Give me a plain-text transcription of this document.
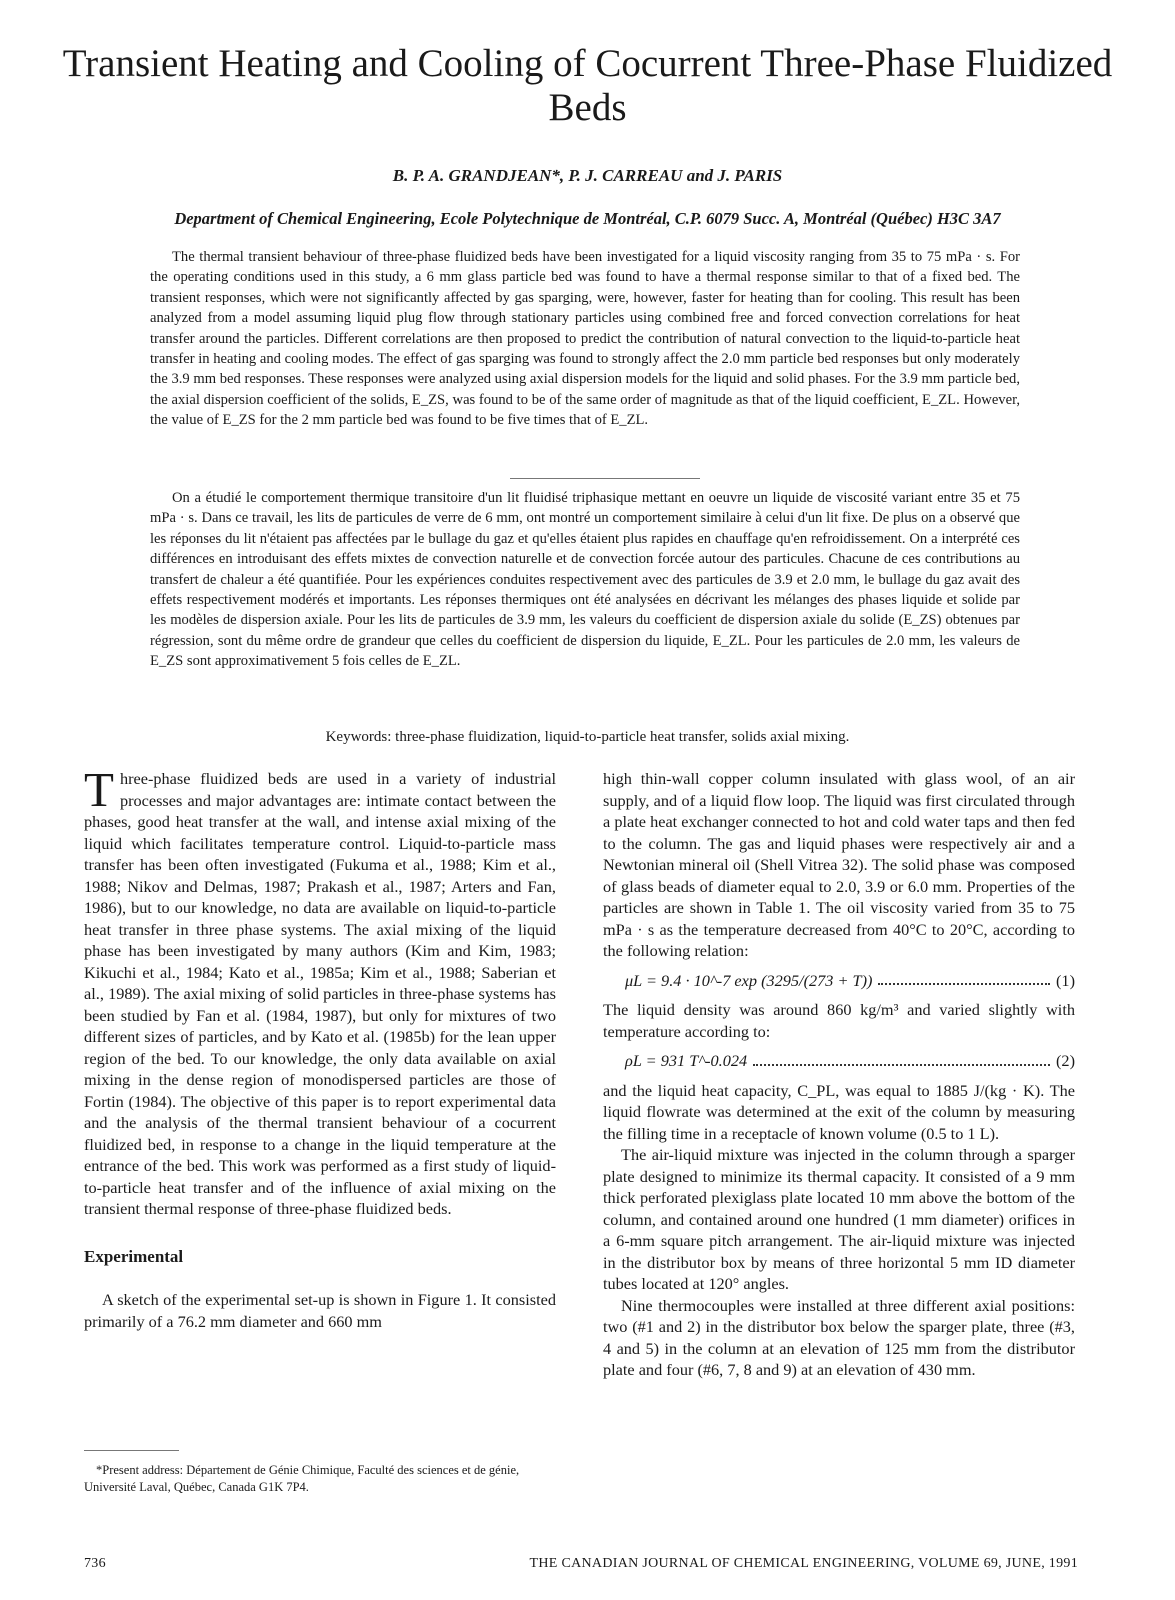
Transient Heating and Cooling of Cocurrent Three-Phase Fluidized Beds
B. P. A. GRANDJEAN*, P. J. CARREAU and J. PARIS
Department of Chemical Engineering, Ecole Polytechnique de Montréal, C.P. 6079 Succ. A, Montréal (Québec) H3C 3A7

The thermal transient behaviour of three-phase fluidized beds have been investigated for a liquid viscosity ranging from 35 to 75 mPa · s. For the operating conditions used in this study, a 6 mm glass particle bed was found to have a thermal response similar to that of a fixed bed. The transient responses, which were not significantly affected by gas sparging, were, however, faster for heating than for cooling. This result has been analyzed from a model assuming liquid plug flow through stationary particles using combined free and forced convection correlations for heat transfer around the particles. Different correlations are then proposed to predict the contribution of natural convection to the liquid-to-particle heat transfer in heating and cooling modes. The effect of gas sparging was found to strongly affect the 2.0 mm particle bed responses but only moderately the 3.9 mm bed responses. These responses were analyzed using axial dispersion models for the liquid and solid phases. For the 3.9 mm particle bed, the axial dispersion coefficient of the solids, E_ZS, was found to be of the same order of magnitude as that of the liquid coefficient, E_ZL. However, the value of E_ZS for the 2 mm particle bed was found to be five times that of E_ZL.

On a étudié le comportement thermique transitoire d'un lit fluidisé triphasique mettant en oeuvre un liquide de viscosité variant entre 35 et 75 mPa · s. Dans ce travail, les lits de particules de verre de 6 mm, ont montré un comportement similaire à celui d'un lit fixe. De plus on a observé que les réponses du lit n'étaient pas affectées par le bullage du gaz et qu'elles étaient plus rapides en chauffage qu'en refroidissement. On a interprété ces différences en introduisant des effets mixtes de convection naturelle et de convection forcée autour des particules. Chacune de ces contributions au transfert de chaleur a été quantifiée. Pour les expériences conduites respectivement avec des particules de 3.9 et 2.0 mm, le bullage du gaz avait des effets respectivement modérés et importants. Les réponses thermiques ont été analysées en décrivant les mélanges des phases liquide et solide par les modèles de dispersion axiale. Pour les lits de particules de 3.9 mm, les valeurs du coefficient de dispersion axiale du solide (E_ZS) obtenues par régression, sont du même ordre de grandeur que celles du coefficient de dispersion du liquide, E_ZL. Pour les particules de 2.0 mm, les valeurs de E_ZS sont approximativement 5 fois celles de E_ZL.

Keywords: three-phase fluidization, liquid-to-particle heat transfer, solids axial mixing.

Three-phase fluidized beds are used in a variety of industrial processes and major advantages are: intimate contact between the phases, good heat transfer at the wall, and intense axial mixing of the liquid which facilitates temperature control. Liquid-to-particle mass transfer has been often investigated (Fukuma et al., 1988; Kim et al., 1988; Nikov and Delmas, 1987; Prakash et al., 1987; Arters and Fan, 1986), but to our knowledge, no data are available on liquid-to-particle heat transfer in three phase systems. The axial mixing of the liquid phase has been investigated by many authors (Kim and Kim, 1983; Kikuchi et al., 1984; Kato et al., 1985a; Kim et al., 1988; Saberian et al., 1989). The axial mixing of solid particles in three-phase systems has been studied by Fan et al. (1984, 1987), but only for mixtures of two different sizes of particles, and by Kato et al. (1985b) for the lean upper region of the bed. To our knowledge, the only data available on axial mixing in the dense region of monodispersed particles are those of Fortin (1984). The objective of this paper is to report experimental data and the analysis of the thermal transient behaviour of a cocurrent fluidized bed, in response to a change in the liquid temperature at the entrance of the bed. This work was performed as a first study of liquid-to-particle heat transfer and of the influence of axial mixing on the transient thermal response of three-phase fluidized beds.

Experimental

A sketch of the experimental set-up is shown in Figure 1. It consisted primarily of a 76.2 mm diameter and 660 mm

high thin-wall copper column insulated with glass wool, of an air supply, and of a liquid flow loop. The liquid was first circulated through a plate heat exchanger connected to hot and cold water taps and then fed to the column. The gas and liquid phases were respectively air and a Newtonian mineral oil (Shell Vitrea 32). The solid phase was composed of glass beads of diameter equal to 2.0, 3.9 or 6.0 mm. Properties of the particles are shown in Table 1. The oil viscosity varied from 35 to 75 mPa · s as the temperature decreased from 40°C to 20°C, according to the following relation:

μL = 9.4 · 10^-7 exp (3295/(273 + T))	(1)

The liquid density was around 860 kg/m³ and varied slightly with temperature according to:

ρL = 931 T^-0.024	(2)

and the liquid heat capacity, C_PL, was equal to 1885 J/(kg · K). The liquid flowrate was determined at the exit of the column by measuring the filling time in a receptacle of known volume (0.5 to 1 L).

The air-liquid mixture was injected in the column through a sparger plate designed to minimize its thermal capacity. It consisted of a 9 mm thick perforated plexiglass plate located 10 mm above the bottom of the column, and contained around one hundred (1 mm diameter) orifices in a 6-mm square pitch arrangement. The air-liquid mixture was injected in the distributor box by means of three horizontal 5 mm ID diameter tubes located at 120° angles.

Nine thermocouples were installed at three different axial positions: two (#1 and 2) in the distributor box below the sparger plate, three (#3, 4 and 5) in the column at an elevation of 125 mm from the distributor plate and four (#6, 7, 8 and 9) at an elevation of 430 mm.

*Present address: Département de Génie Chimique, Faculté des sciences et de génie, Université Laval, Québec, Canada G1K 7P4.
736	THE CANADIAN JOURNAL OF CHEMICAL ENGINEERING, VOLUME 69, JUNE, 1991
